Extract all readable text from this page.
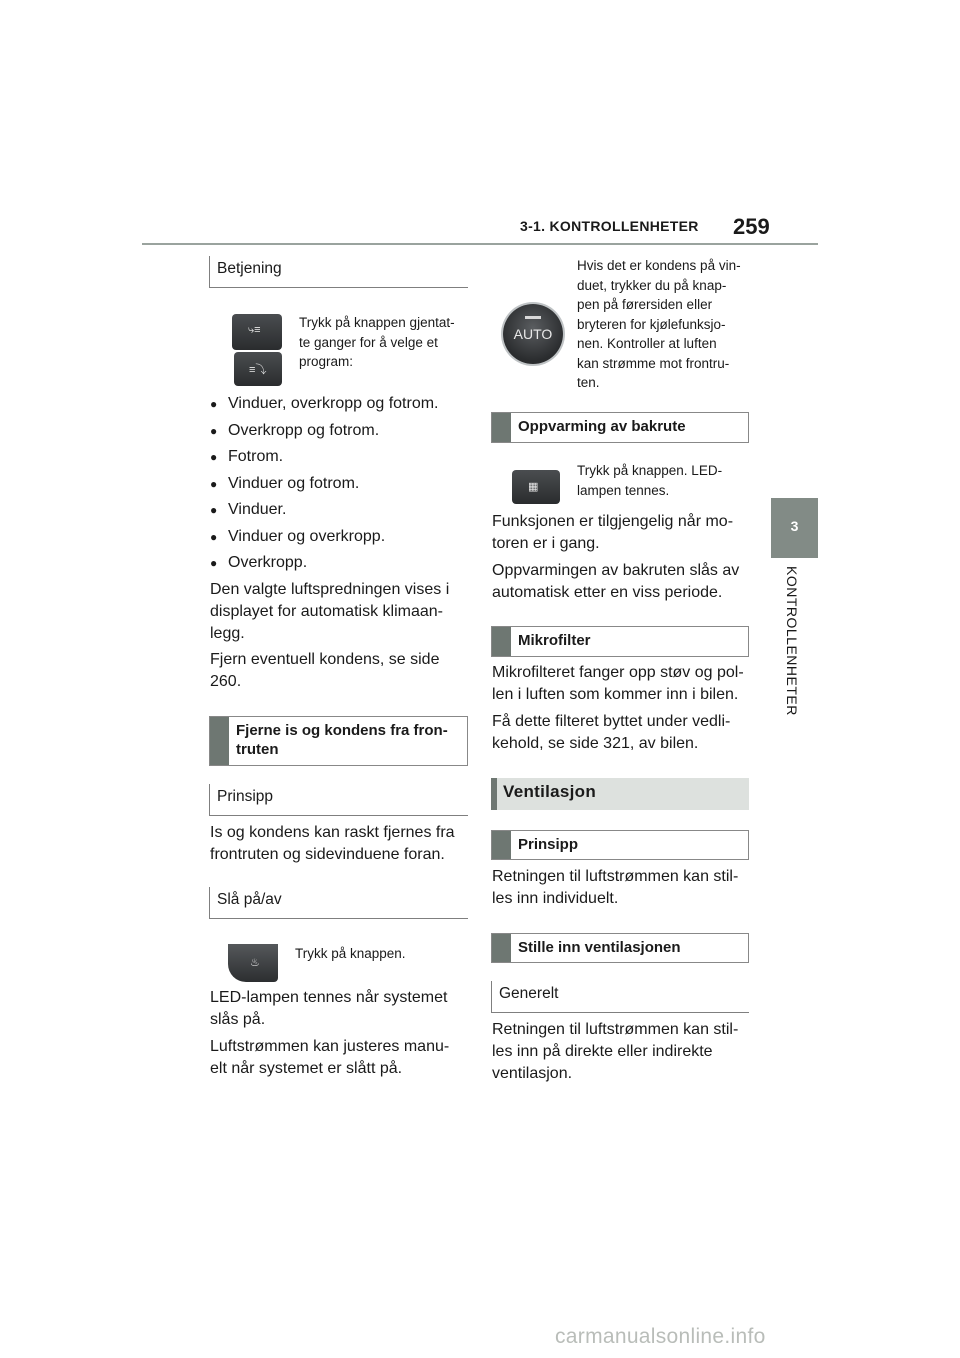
3-1. KONTROLLENHETER 259
3
KONTROLLENHETER
Betjening
⤷≡
≡⤵
Trykk på knappen gjentat-
te ganger for å velge et
program:
● Vinduer, overkropp og fotrom.
● Overkropp og fotrom.
● Fotrom.
● Vinduer og fotrom.
● Vinduer.
● Vinduer og overkropp.
● Overkropp.
Den valgte luftspredningen vises i
displayet for automatisk klimaan-
legg.
Fjern eventuell kondens, se side
260.
Fjerne is og kondens fra fron-
truten
Prinsipp
Is og kondens kan raskt fjernes fra
frontruten og sidevinduene foran.
Slå på/av
♨
Trykk på knappen.
LED-lampen tennes når systemet
slås på.
Luftstrømmen kan justeres manu-
elt når systemet er slått på.
AUTO
Hvis det er kondens på vin-
duet, trykker du på knap-
pen på førersiden eller
bryteren for kjølefunksjo-
nen. Kontroller at luften
kan strømme mot frontru-
ten.
Oppvarming av bakrute
▦
Trykk på knappen. LED-
lampen tennes.
Funksjonen er tilgjengelig når mo-
toren er i gang.
Oppvarmingen av bakruten slås av
automatisk etter en viss periode.
Mikrofilter
Mikrofilteret fanger opp støv og pol-
len i luften som kommer inn i bilen.
Få dette filteret byttet under vedli-
kehold, se side 321, av bilen.
Ventilasjon
Prinsipp
Retningen til luftstrømmen kan stil-
les inn individuelt.
Stille inn ventilasjonen
Generelt
Retningen til luftstrømmen kan stil-
les inn på direkte eller indirekte
ventilasjon.
carmanualsonline.info
